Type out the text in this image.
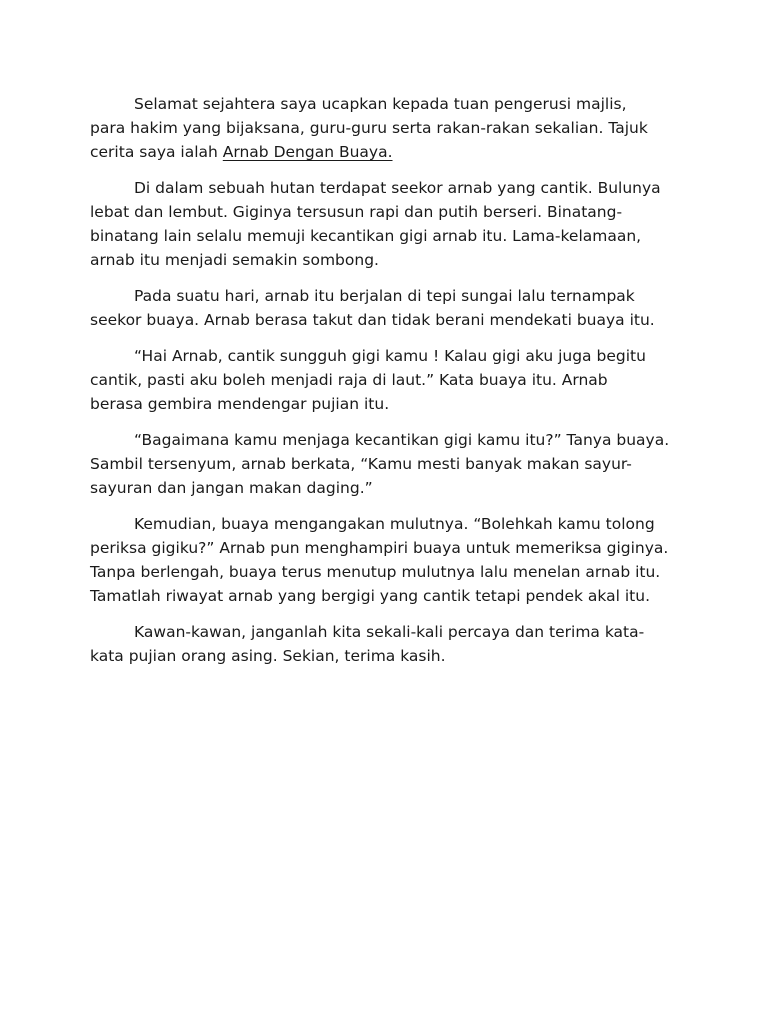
Selamat sejahtera saya ucapkan kepada tuan pengerusi majlis,
para hakim yang bijaksana, guru-guru serta rakan-rakan sekalian. Tajuk
cerita saya ialah Arnab Dengan Buaya.
Di dalam sebuah hutan terdapat seekor arnab yang cantik. Bulunya
lebat dan lembut. Giginya tersusun rapi dan putih berseri. Binatang-
binatang lain selalu memuji kecantikan gigi arnab itu. Lama-kelamaan,
arnab itu menjadi semakin sombong.
Pada suatu hari, arnab itu berjalan di tepi sungai lalu ternampak
seekor buaya. Arnab berasa takut dan tidak berani mendekati buaya itu.
“Hai Arnab, cantik sungguh gigi kamu ! Kalau gigi aku juga begitu
cantik, pasti aku boleh menjadi raja di laut.” Kata buaya itu. Arnab
berasa gembira mendengar pujian itu.
“Bagaimana kamu menjaga kecantikan gigi kamu itu?” Tanya buaya.
Sambil tersenyum, arnab berkata, “Kamu mesti banyak makan sayur-
sayuran dan jangan makan daging.”
Kemudian, buaya mengangakan mulutnya. “Bolehkah kamu tolong
periksa gigiku?” Arnab pun menghampiri buaya untuk memeriksa giginya.
Tanpa berlengah, buaya terus menutup mulutnya lalu menelan arnab itu.
Tamatlah riwayat arnab yang bergigi yang cantik tetapi pendek akal itu.
Kawan-kawan, janganlah kita sekali-kali percaya dan terima kata-
kata pujian orang asing. Sekian, terima kasih.
